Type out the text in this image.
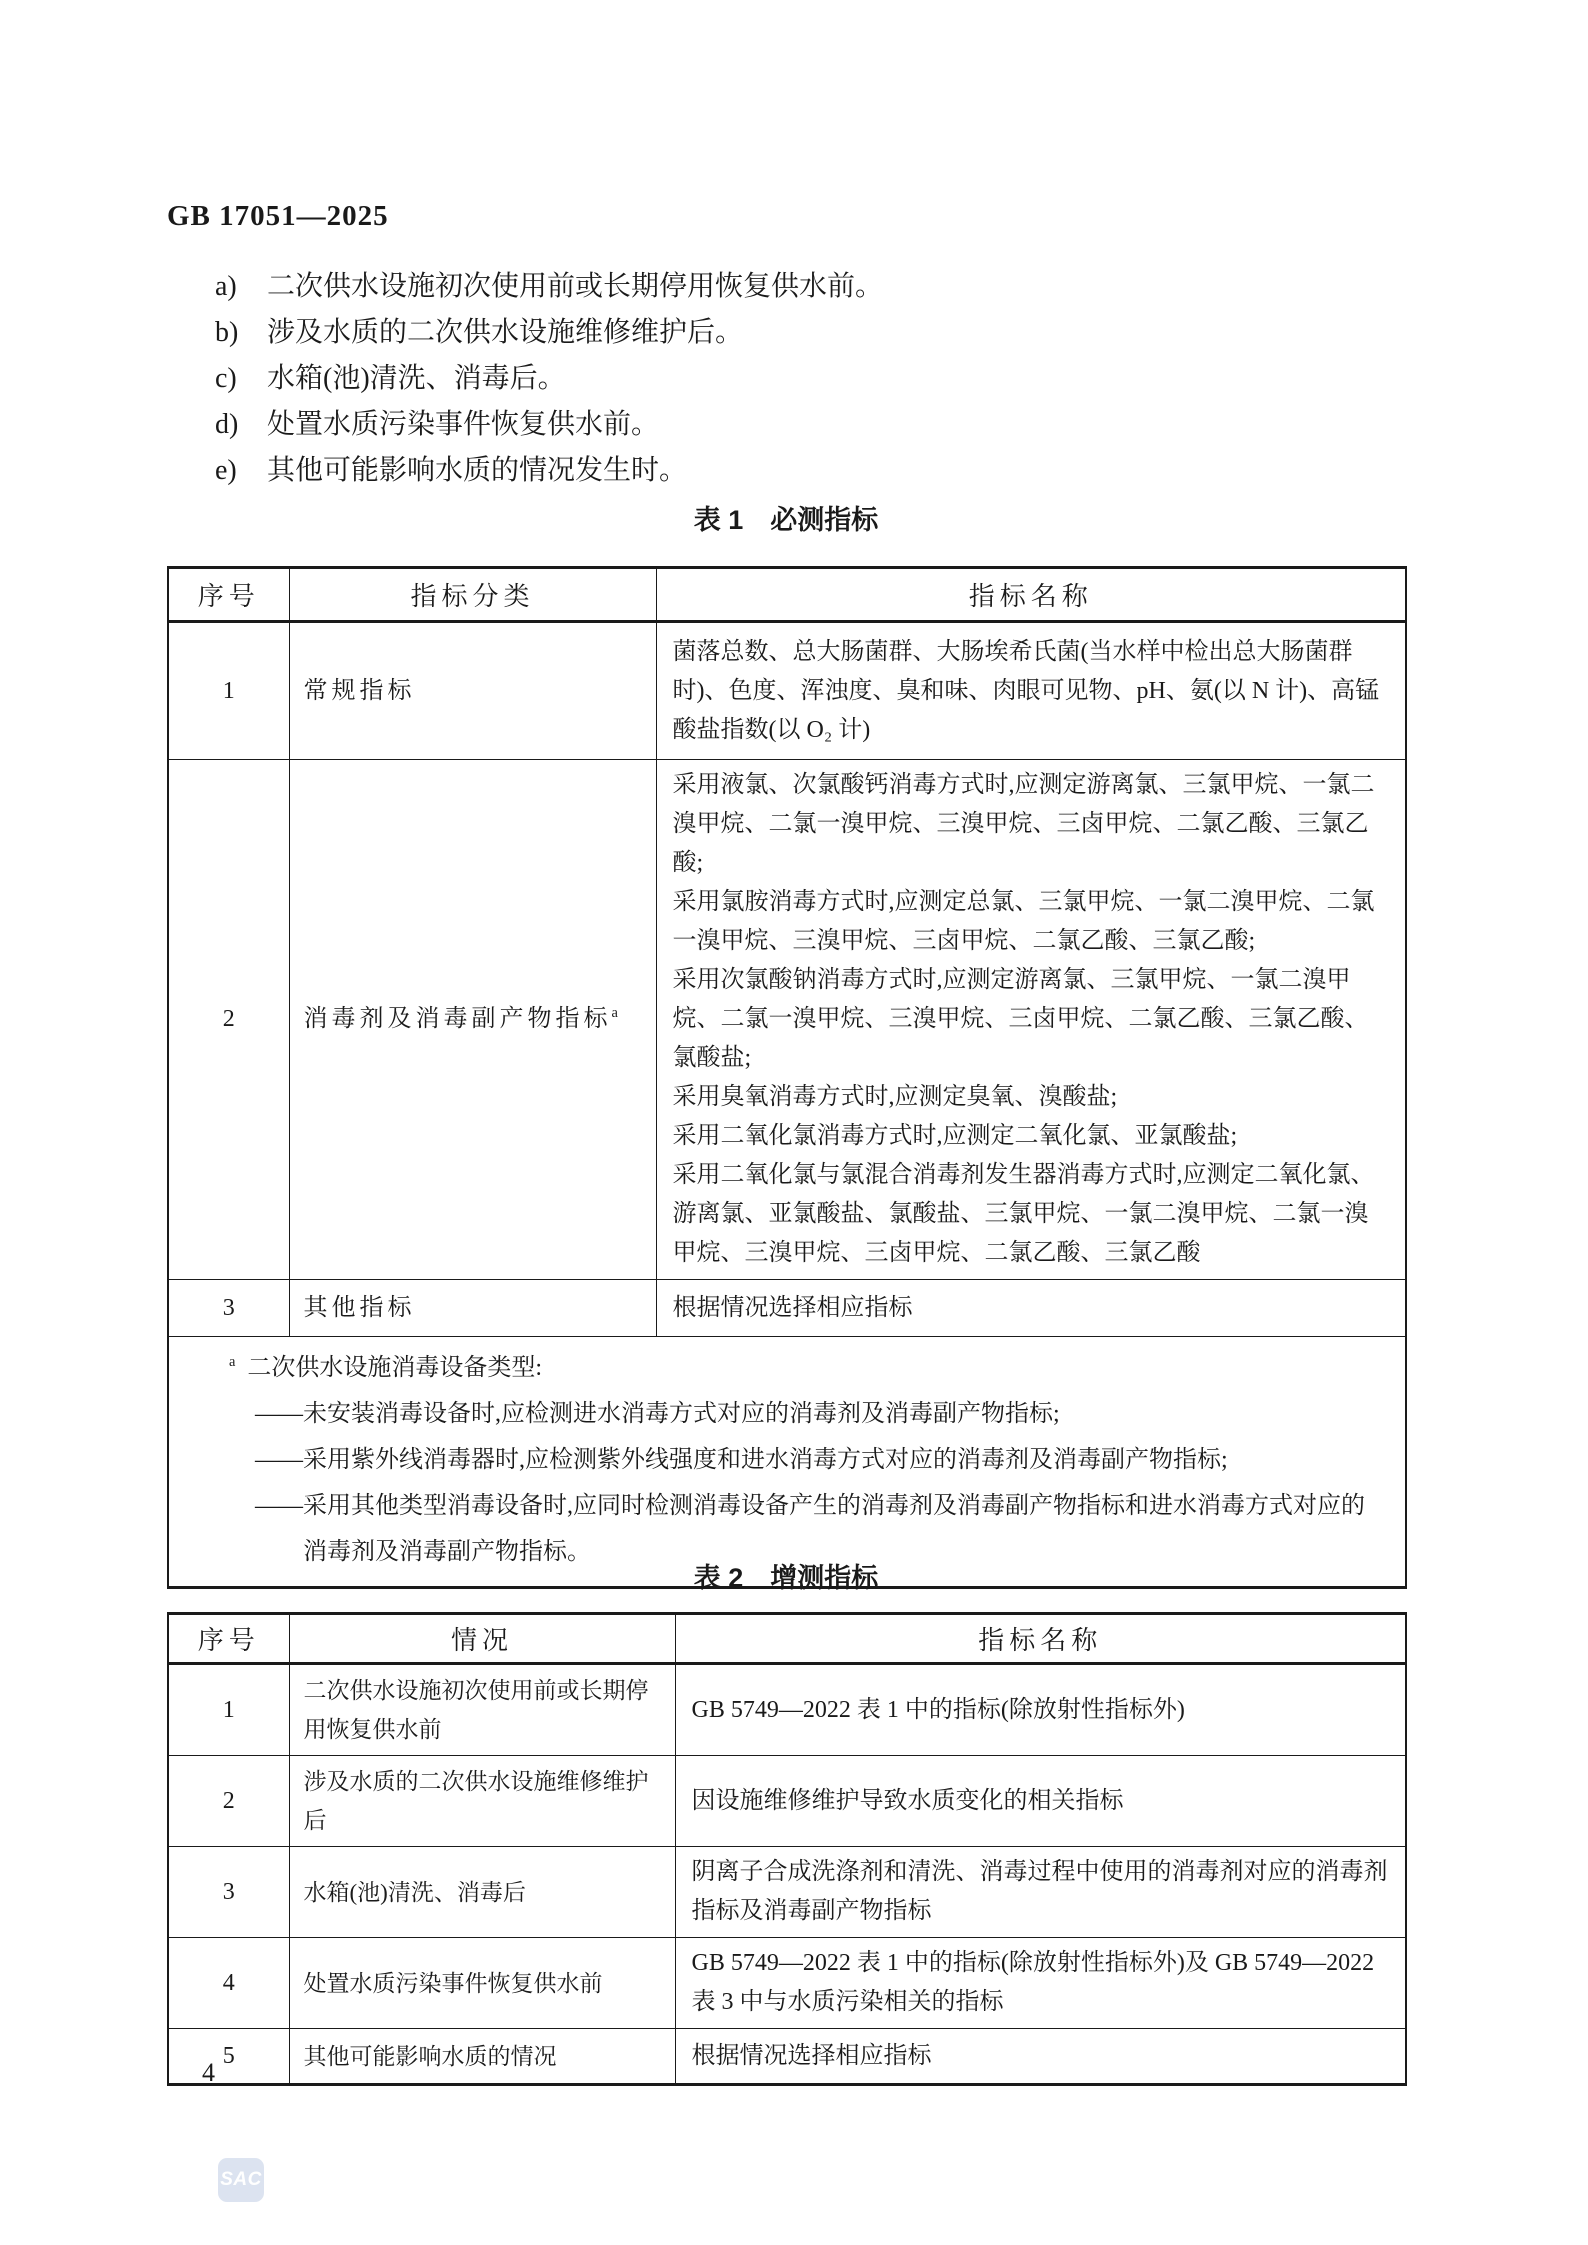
GB 17051—2025
a) 二次供水设施初次使用前或长期停用恢复供水前。
b) 涉及水质的二次供水设施维修维护后。
c) 水箱(池)清洗、消毒后。
d) 处置水质污染事件恢复供水前。
e) 其他可能影响水质的情况发生时。
表 1　必测指标
序号	指标分类	指标名称
1	常规指标	菌落总数、总大肠菌群、大肠埃希氏菌(当水样中检出总大肠菌群时)、色度、浑浊度、臭和味、肉眼可见物、pH、氨(以 N 计)、高锰酸盐指数(以 O₂ 计)

2	消毒剂及消毒副产物指标$^a$	
采用液氯、次氯酸钙消毒方式时,应测定游离氯、三氯甲烷、一氯二溴甲烷、二氯一溴甲烷、三溴甲烷、三卤甲烷、二氯乙酸、三氯乙酸;
采用氯胺消毒方式时,应测定总氯、三氯甲烷、一氯二溴甲烷、二氯一溴甲烷、三溴甲烷、三卤甲烷、二氯乙酸、三氯乙酸;
采用次氯酸钠消毒方式时,应测定游离氯、三氯甲烷、一氯二溴甲烷、二氯一溴甲烷、三溴甲烷、三卤甲烷、二氯乙酸、三氯乙酸、氯酸盐;
采用臭氧消毒方式时,应测定臭氧、溴酸盐;
采用二氧化氯消毒方式时,应测定二氧化氯、亚氯酸盐;
采用二氧化氯与氯混合消毒剂发生器消毒方式时,应测定二氧化氯、游离氯、亚氯酸盐、氯酸盐、三氯甲烷、一氯二溴甲烷、二氯一溴甲烷、三溴甲烷、三卤甲烷、二氯乙酸、三氯乙酸

3	其他指标	根据情况选择相应指标

$^a$  二次供水设施消毒设备类型:
——未安装消毒设备时,应检测进水消毒方式对应的消毒剂及消毒副产物指标;
——采用紫外线消毒器时,应检测紫外线强度和进水消毒方式对应的消毒剂及消毒副产物指标;
——采用其他类型消毒设备时,应同时检测消毒设备产生的消毒剂及消毒副产物指标和进水消毒方式对应的消毒剂及消毒副产物指标。		
表 2　增测指标
序号	情况	指标名称
1	二次供水设施初次使用前或长期停用恢复供水前	GB 5749—2022 表 1 中的指标(除放射性指标外)

2	涉及水质的二次供水设施维修维护后	因设施维修维护导致水质变化的相关指标

3	水箱(池)清洗、消毒后	阴离子合成洗涤剂和清洗、消毒过程中使用的消毒剂对应的消毒剂指标及消毒副产物指标

4	处置水质污染事件恢复供水前	GB 5749—2022 表 1 中的指标(除放射性指标外)及 GB 5749—2022 表 3 中与水质污染相关的指标

5	其他可能影响水质的情况	根据情况选择相应指标
4
SAC
